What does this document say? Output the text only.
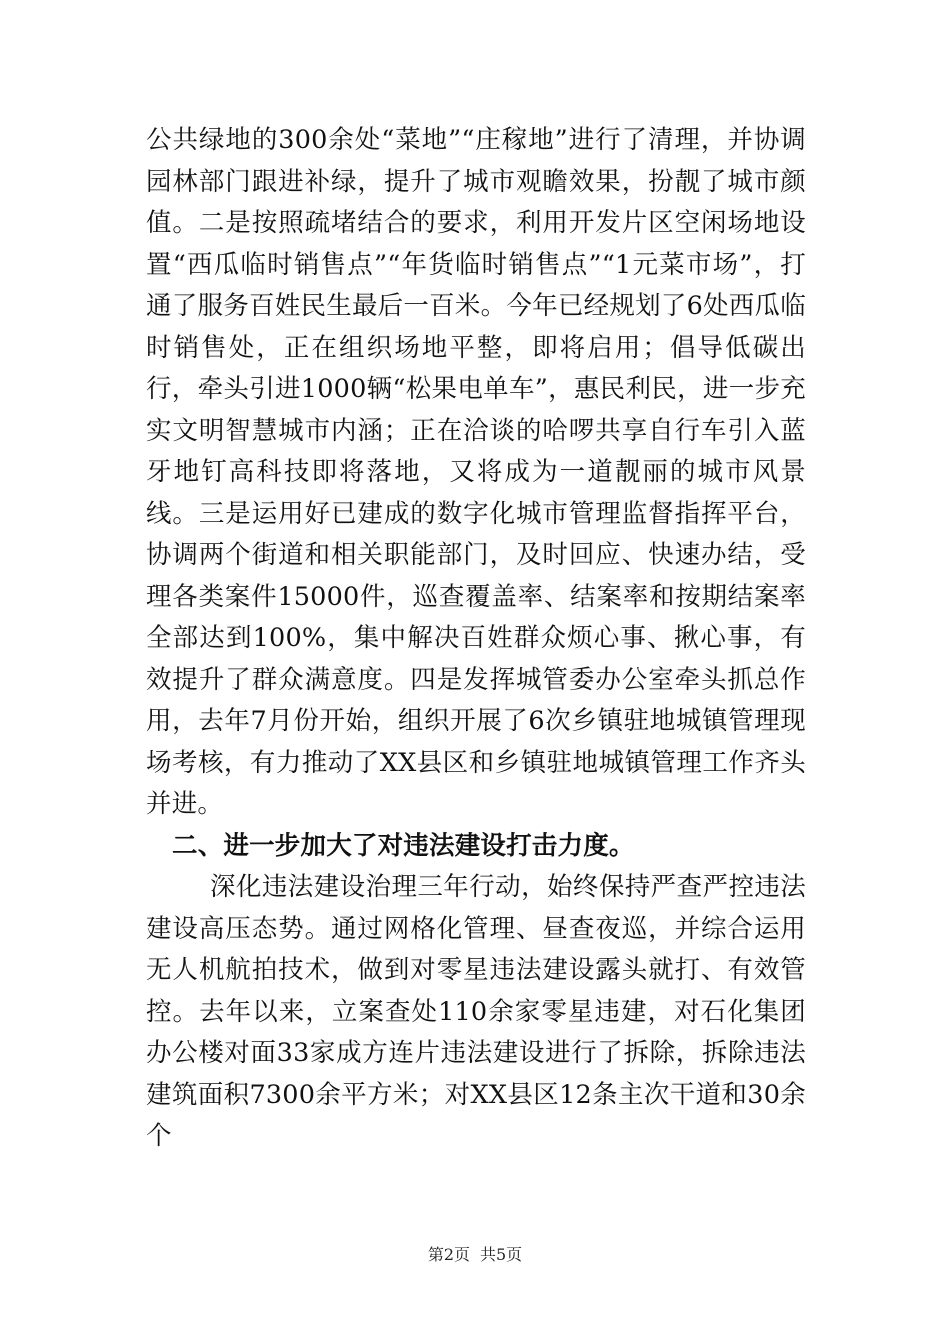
公共绿地的300余处“菜地”“庄稼地”进行了清理，并协调园林部门跟进补绿，提升了城市观瞻效果，扮靓了城市颜值。二是按照疏堵结合的要求，利用开发片区空闲场地设置“西瓜临时销售点”“年货临时销售点”“1元菜市场”，打通了服务百姓民生最后一百米。今年已经规划了6处西瓜临时销售处，正在组织场地平整，即将启用；倡导低碳出行，牵头引进1000辆“松果电单车”，惠民利民，进一步充实文明智慧城市内涵；正在洽谈的哈啰共享自行车引入蓝牙地钉高科技即将落地，又将成为一道靓丽的城市风景线。三是运用好已建成的数字化城市管理监督指挥平台，协调两个街道和相关职能部门，及时回应、快速办结，受理各类案件15000件，巡查覆盖率、结案率和按期结案率全部达到100%，集中解决百姓群众烦心事、揪心事，有效提升了群众满意度。四是发挥城管委办公室牵头抓总作用，去年7月份开始，组织开展了6次乡镇驻地城镇管理现场考核，有力推动了XX县区和乡镇驻地城镇管理工作齐头并进。

二、进一步加大了对违法建设打击力度。

深化违法建设治理三年行动，始终保持严查严控违法建设高压态势。通过网格化管理、昼查夜巡，并综合运用无人机航拍技术，做到对零星违法建设露头就打、有效管控。去年以来，立案查处110余家零星违建，对石化集团办公楼对面33家成方连片违法建设进行了拆除，拆除违法建筑面积7300余平方米；对XX县区12条主次干道和30余个

第2页 共5页
